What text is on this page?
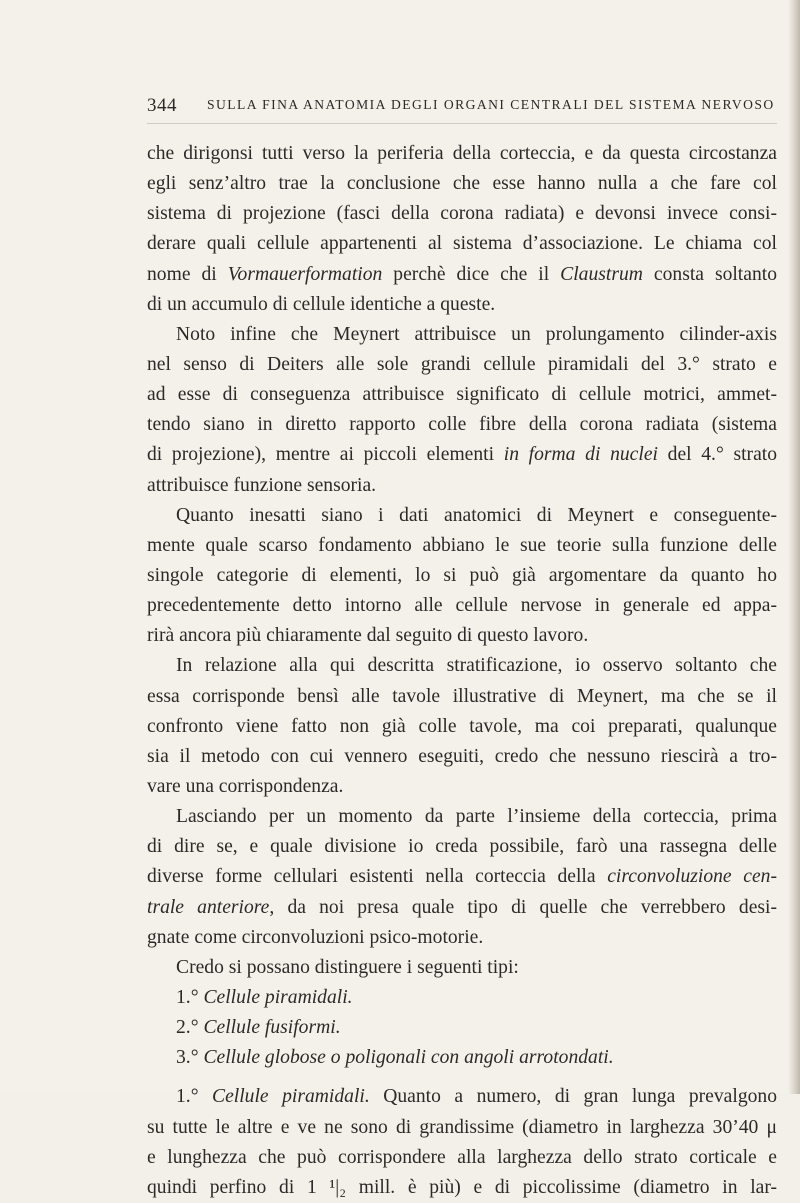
344 SULLA FINA ANATOMIA DEGLI ORGANI CENTRALI DEL SISTEMA NERVOSO
che dirigonsi tutti verso la periferia della corteccia, e da questa circostanza
egli senz’altro trae la conclusione che esse hanno nulla a che fare col
sistema di projezione (fasci della corona radiata) e devonsi invece consi-
derare quali cellule appartenenti al sistema d’associazione. Le chiama col
nome di Vormauerformation perchè dice che il Claustrum consta soltanto
di un accumulo di cellule identiche a queste.
Noto infine che Meynert attribuisce un prolungamento cilinder-axis
nel senso di Deiters alle sole grandi cellule piramidali del 3.° strato e
ad esse di conseguenza attribuisce significato di cellule motrici, ammet-
tendo siano in diretto rapporto colle fibre della corona radiata (sistema
di projezione), mentre ai piccoli elementi in forma di nuclei del 4.° strato
attribuisce funzione sensoria.
Quanto inesatti siano i dati anatomici di Meynert e conseguente-
mente quale scarso fondamento abbiano le sue teorie sulla funzione delle
singole categorie di elementi, lo si può già argomentare da quanto ho
precedentemente detto intorno alle cellule nervose in generale ed appa-
rirà ancora più chiaramente dal seguito di questo lavoro.
In relazione alla qui descritta stratificazione, io osservo soltanto che
essa corrisponde bensì alle tavole illustrative di Meynert, ma che se il
confronto viene fatto non già colle tavole, ma coi preparati, qualunque
sia il metodo con cui vennero eseguiti, credo che nessuno riescirà a tro-
vare una corrispondenza.
Lasciando per un momento da parte l’insieme della corteccia, prima
di dire se, e quale divisione io creda possibile, farò una rassegna delle
diverse forme cellulari esistenti nella corteccia della circonvoluzione cen-
trale anteriore, da noi presa quale tipo di quelle che verrebbero desi-
gnate come circonvoluzioni psico-motorie.
Credo si possano distinguere i seguenti tipi:
1.° Cellule piramidali.
2.° Cellule fusiformi.
3.° Cellule globose o poligonali con angoli arrotondati.
1.° Cellule piramidali. Quanto a numero, di gran lunga prevalgono
su tutte le altre e ve ne sono di grandissime (diametro in larghezza 30’40 μ
e lunghezza che può corrispondere alla larghezza dello strato corticale e
quindi perfino di 1 ¹|₂ mill. è più) e di piccolissime (diametro in lar-
